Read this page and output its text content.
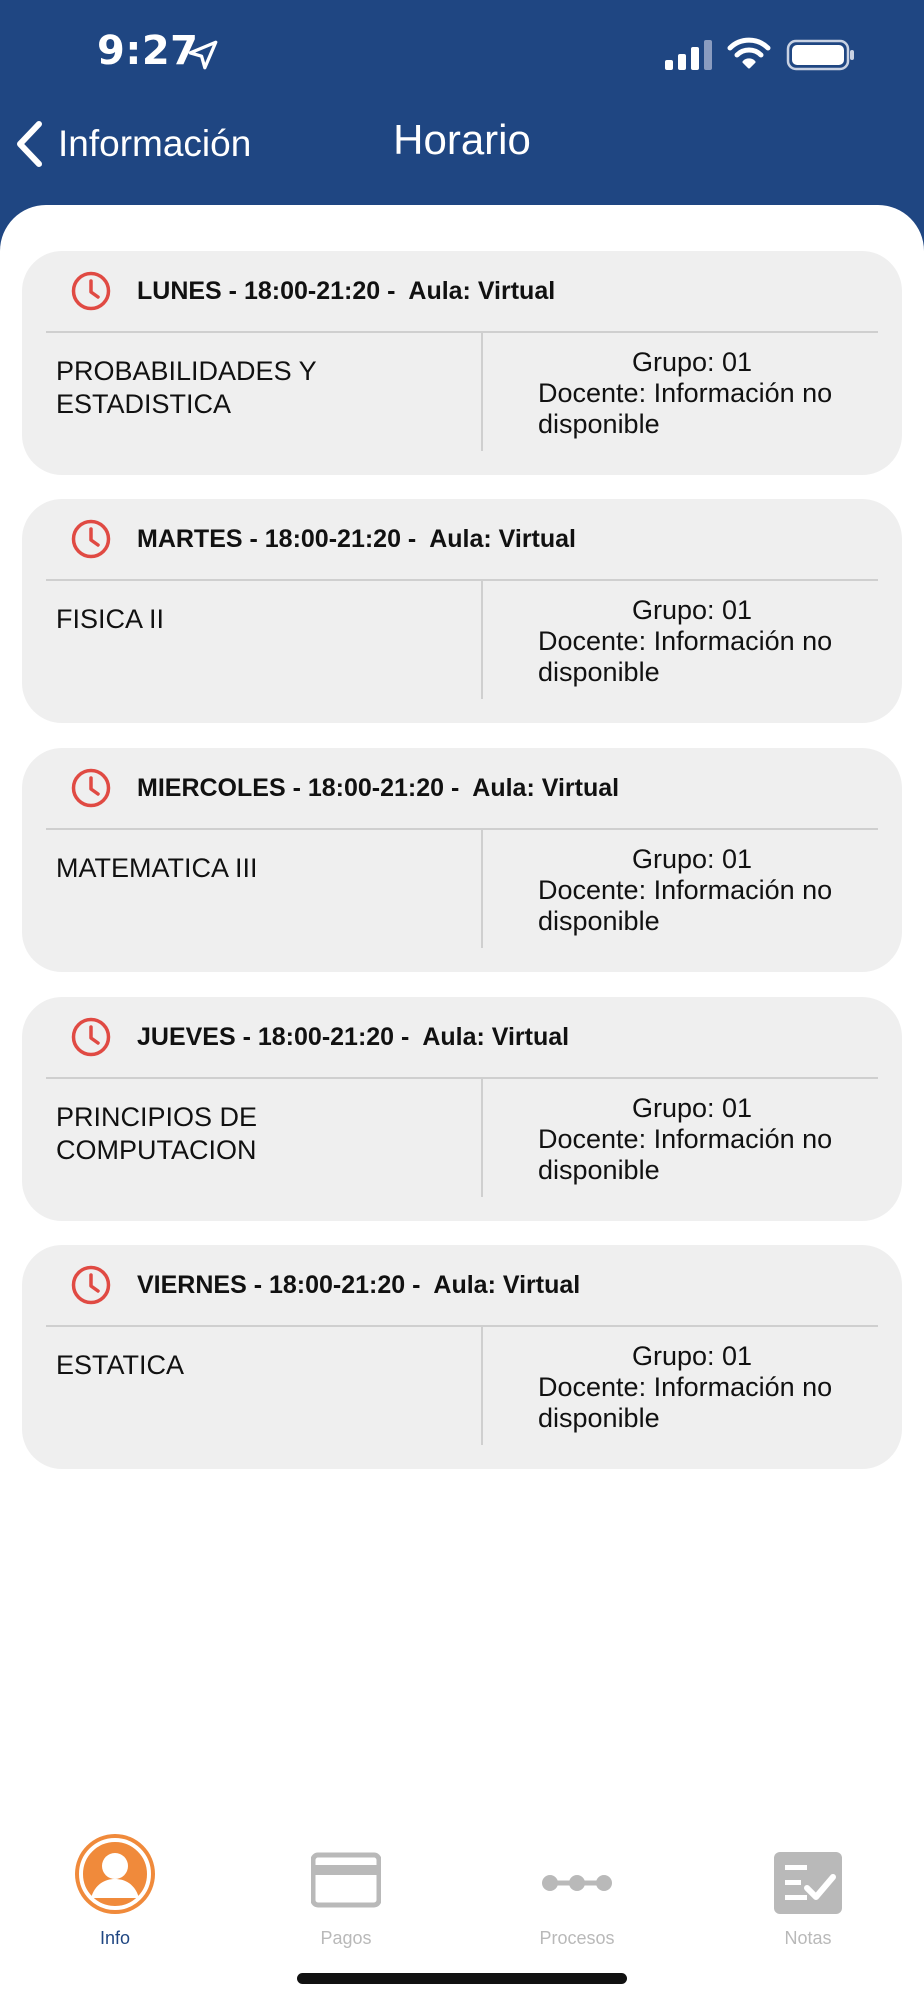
9:27
Información	Horario
LUNES - 18:00-21:20 -  Aula: Virtual
PROBABILIDADES Y ESTADISTICA
Grupo: 01
Docente: Información no disponible
MARTES - 18:00-21:20 -  Aula: Virtual
FISICA II	Grupo: 01
Docente: Información no disponible
MIERCOLES - 18:00-21:20 -  Aula: Virtual
MATEMATICA III	Grupo: 01
Docente: Información no disponible
JUEVES - 18:00-21:20 -  Aula: Virtual
PRINCIPIOS DE COMPUTACION
Grupo: 01
Docente: Información no disponible
VIERNES - 18:00-21:20 -  Aula: Virtual
ESTATICA	Grupo: 01
Docente: Información no disponible
Info	Pagos	Procesos	Notas
